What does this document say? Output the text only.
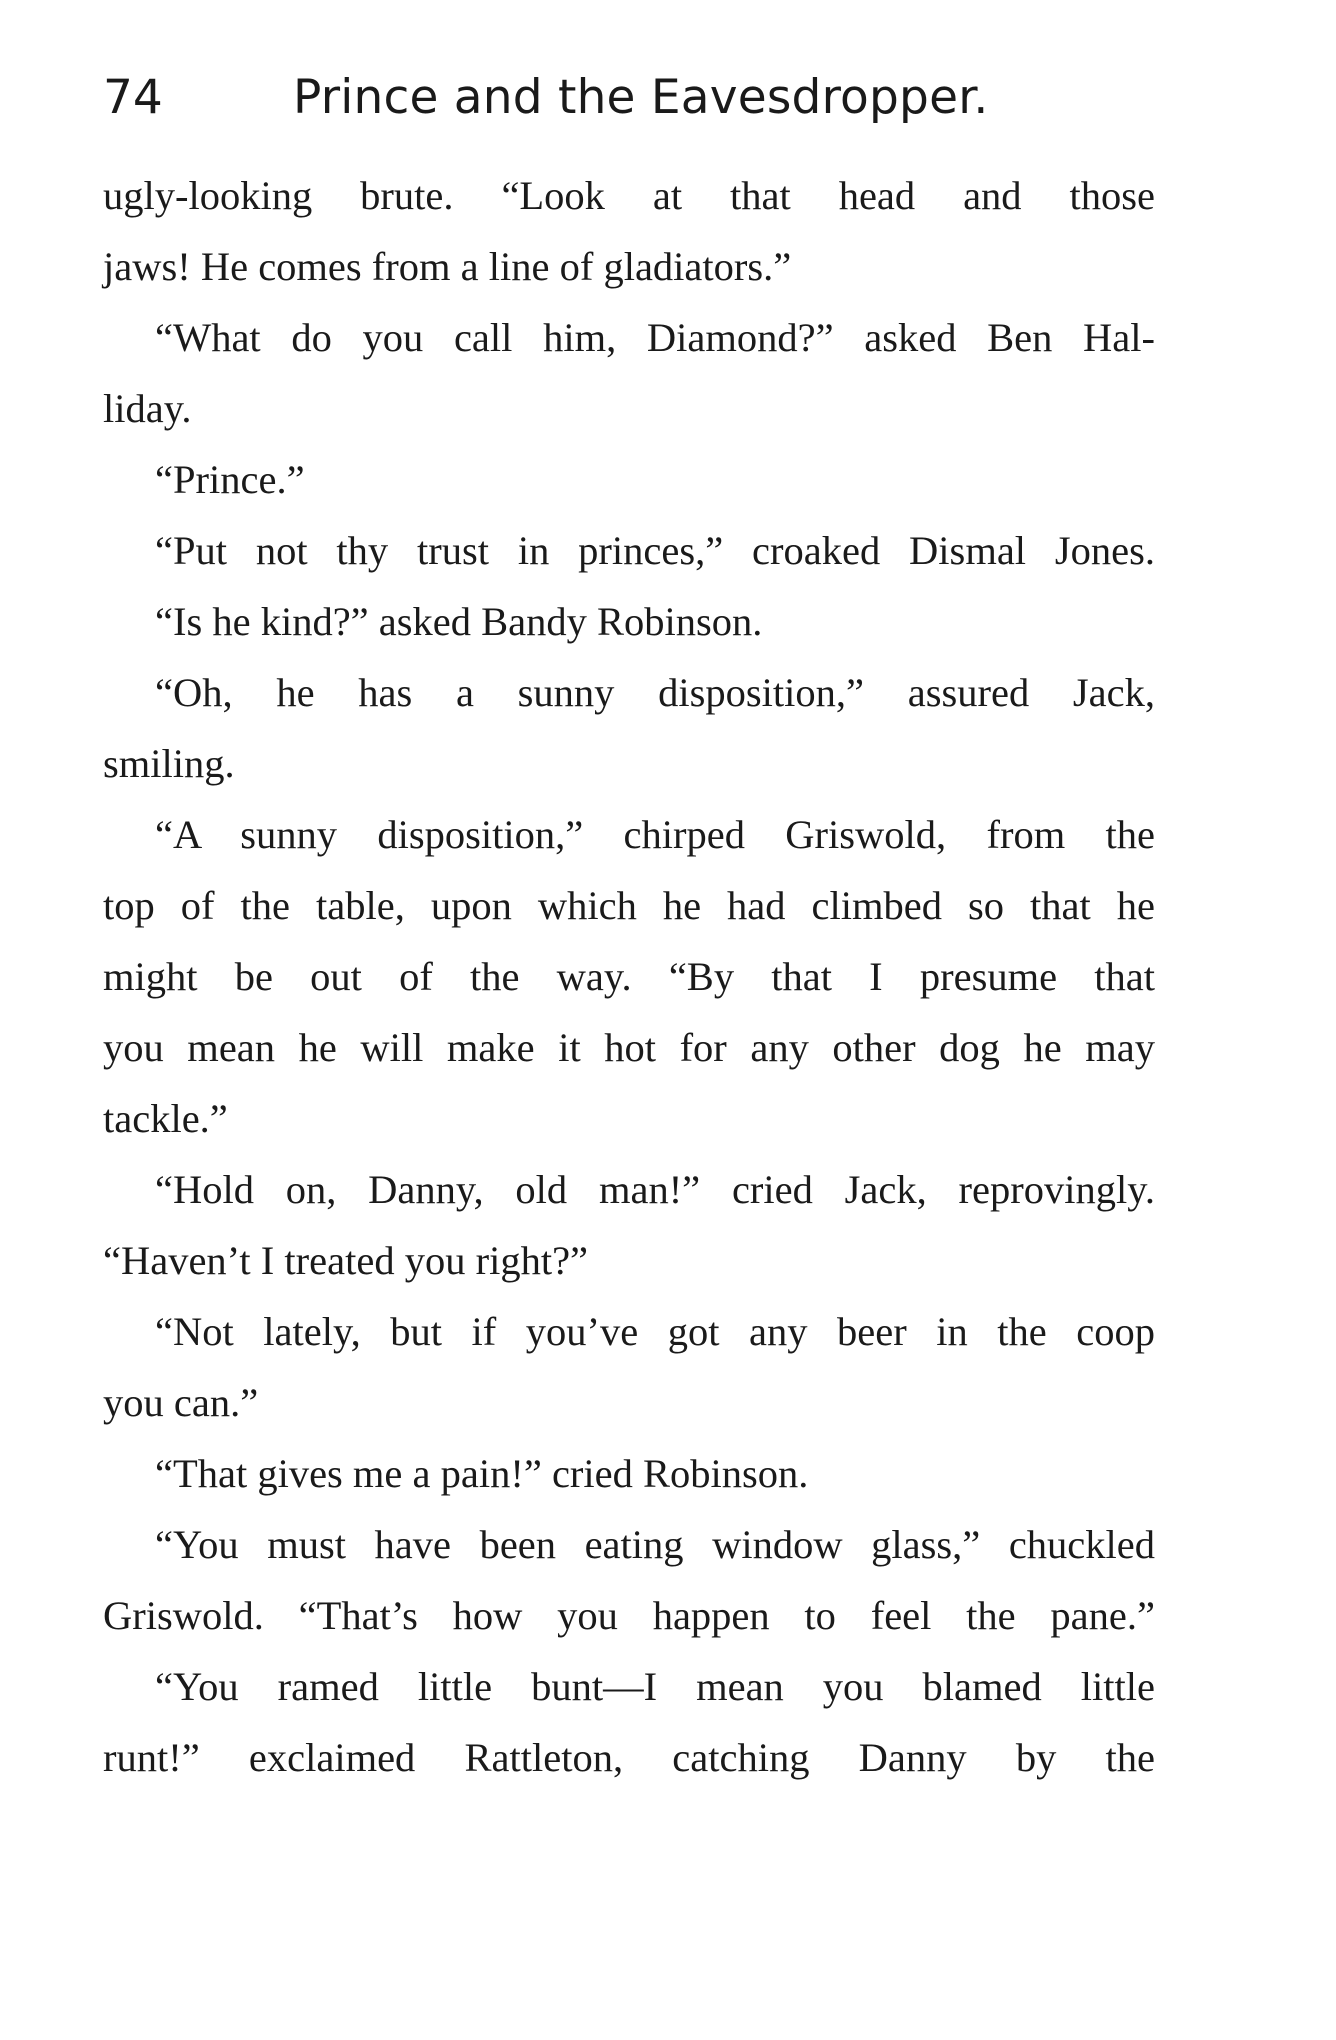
74	Prince and the Eavesdropper.
ugly-looking brute. “Look at that head and those
jaws! He comes from a line of gladiators.”
“What do you call him, Diamond?” asked Ben Hal-
liday.
“Prince.”
“Put not thy trust in princes,” croaked Dismal Jones.
“Is he kind?” asked Bandy Robinson.
“Oh, he has a sunny disposition,” assured Jack,
smiling.
“A sunny disposition,” chirped Griswold, from the
top of the table, upon which he had climbed so that he
might be out of the way. “By that I presume that
you mean he will make it hot for any other dog he may
tackle.”
“Hold on, Danny, old man!” cried Jack, reprovingly.
“Haven’t I treated you right?”
“Not lately, but if you’ve got any beer in the coop
you can.”
“That gives me a pain!” cried Robinson.
“You must have been eating window glass,” chuckled
Griswold. “That’s how you happen to feel the pane.”
“You ramed little bunt—I mean you blamed little
runt!” exclaimed Rattleton, catching Danny by the
